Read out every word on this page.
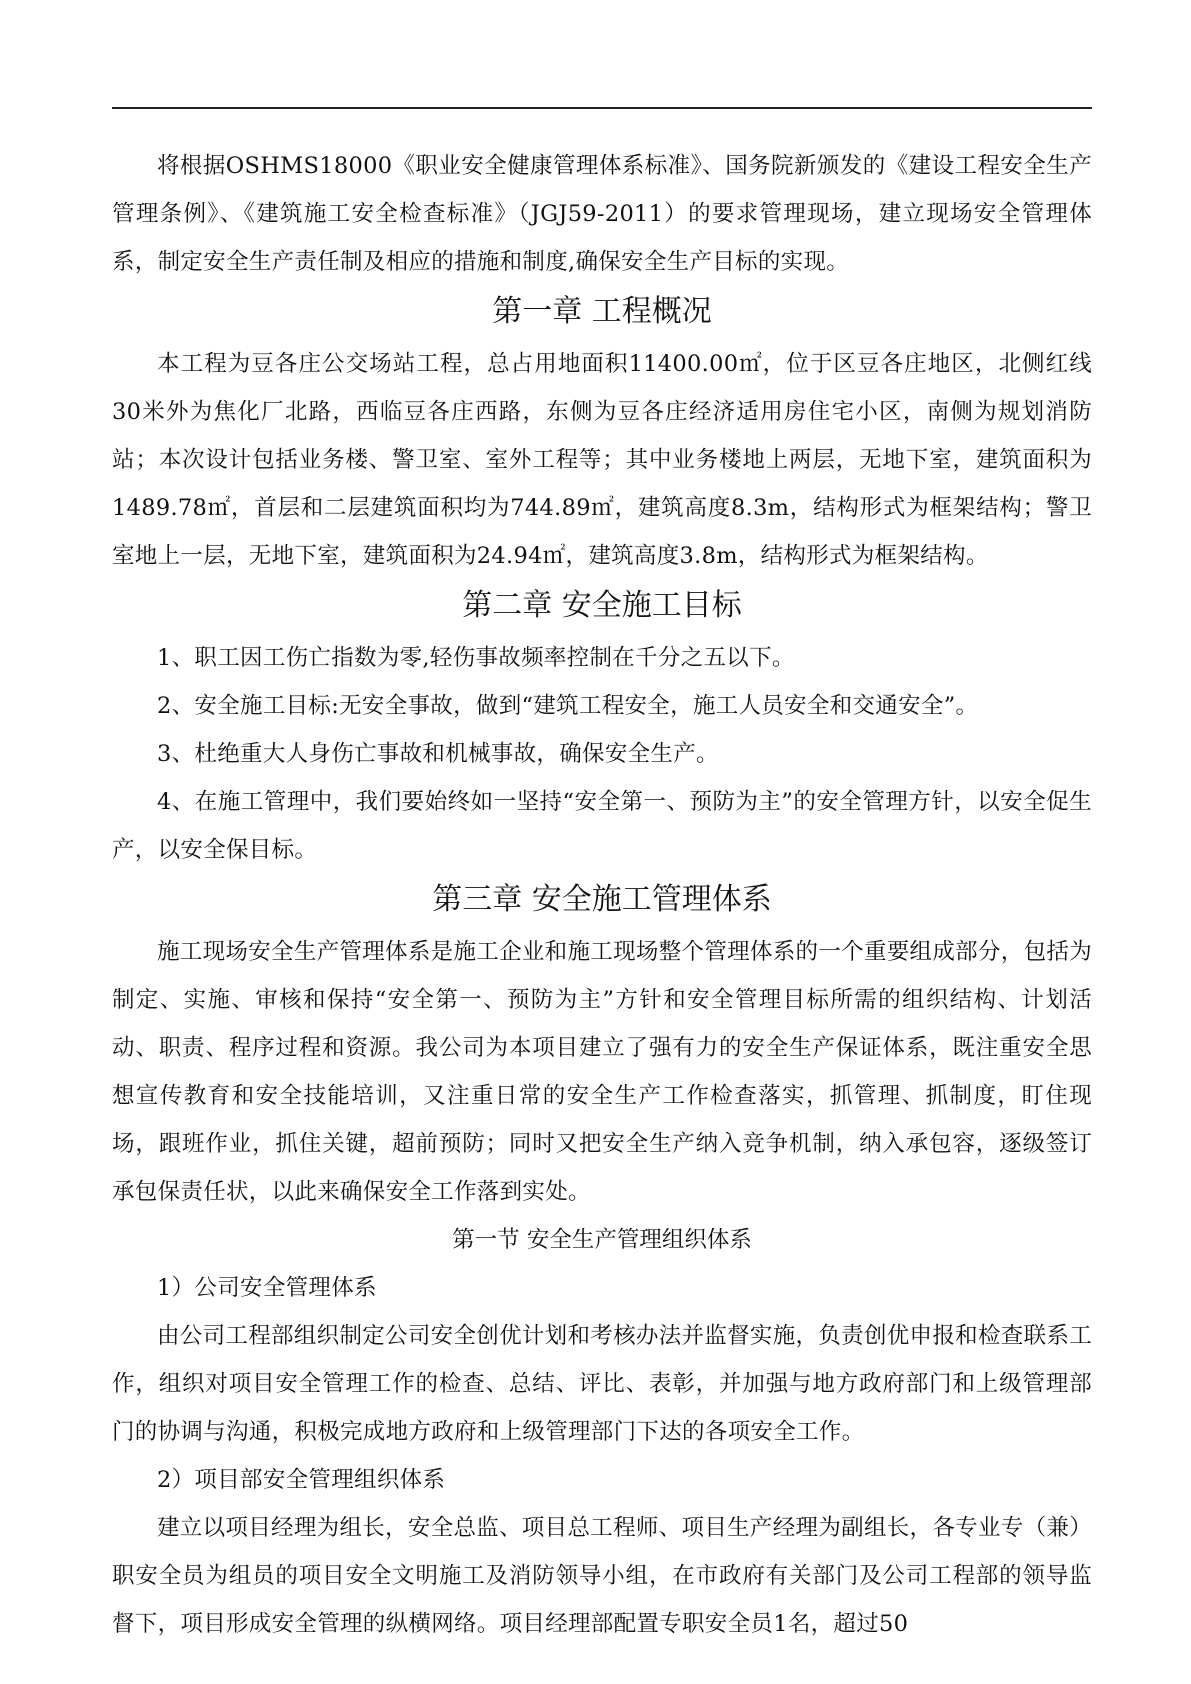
将根据OSHMS18000《职业安全健康管理体系标准》、国务院新颁发的《建设工程安全生产管理条例》、《建筑施工安全检查标准》（JGJ59-2011）的要求管理现场，建立现场安全管理体系，制定安全生产责任制及相应的措施和制度,确保安全生产目标的实现。

第一章 工程概况

本工程为豆各庄公交场站工程，总占用地面积11400.00㎡，位于区豆各庄地区，北侧红线30米外为焦化厂北路，西临豆各庄西路，东侧为豆各庄经济适用房住宅小区，南侧为规划消防站；本次设计包括业务楼、警卫室、室外工程等；其中业务楼地上两层，无地下室，建筑面积为1489.78㎡，首层和二层建筑面积均为744.89㎡，建筑高度8.3m，结构形式为框架结构；警卫室地上一层，无地下室，建筑面积为24.94㎡，建筑高度3.8m，结构形式为框架结构。

第二章 安全施工目标

1、职工因工伤亡指数为零,轻伤事故频率控制在千分之五以下。

2、安全施工目标:无安全事故，做到“建筑工程安全，施工人员安全和交通安全”。

3、杜绝重大人身伤亡事故和机械事故，确保安全生产。

4、在施工管理中，我们要始终如一坚持“安全第一、预防为主”的安全管理方针，以安全促生产，以安全保目标。

第三章 安全施工管理体系

施工现场安全生产管理体系是施工企业和施工现场整个管理体系的一个重要组成部分，包括为制定、实施、审核和保持“安全第一、预防为主”方针和安全管理目标所需的组织结构、计划活动、职责、程序过程和资源。我公司为本项目建立了强有力的安全生产保证体系，既注重安全思想宣传教育和安全技能培训，又注重日常的安全生产工作检查落实，抓管理、抓制度，盯住现场，跟班作业，抓住关键，超前预防；同时又把安全生产纳入竞争机制，纳入承包容，逐级签订承包保责任状，以此来确保安全工作落到实处。

第一节 安全生产管理组织体系

1）公司安全管理体系

由公司工程部组织制定公司安全创优计划和考核办法并监督实施，负责创优申报和检查联系工作，组织对项目安全管理工作的检查、总结、评比、表彰，并加强与地方政府部门和上级管理部门的协调与沟通，积极完成地方政府和上级管理部门下达的各项安全工作。

2）项目部安全管理组织体系

建立以项目经理为组长，安全总监、项目总工程师、项目生产经理为副组长，各专业专（兼）职安全员为组员的项目安全文明施工及消防领导小组，在市政府有关部门及公司工程部的领导监督下，项目形成安全管理的纵横网络。项目经理部配置专职安全员1名，超过50
